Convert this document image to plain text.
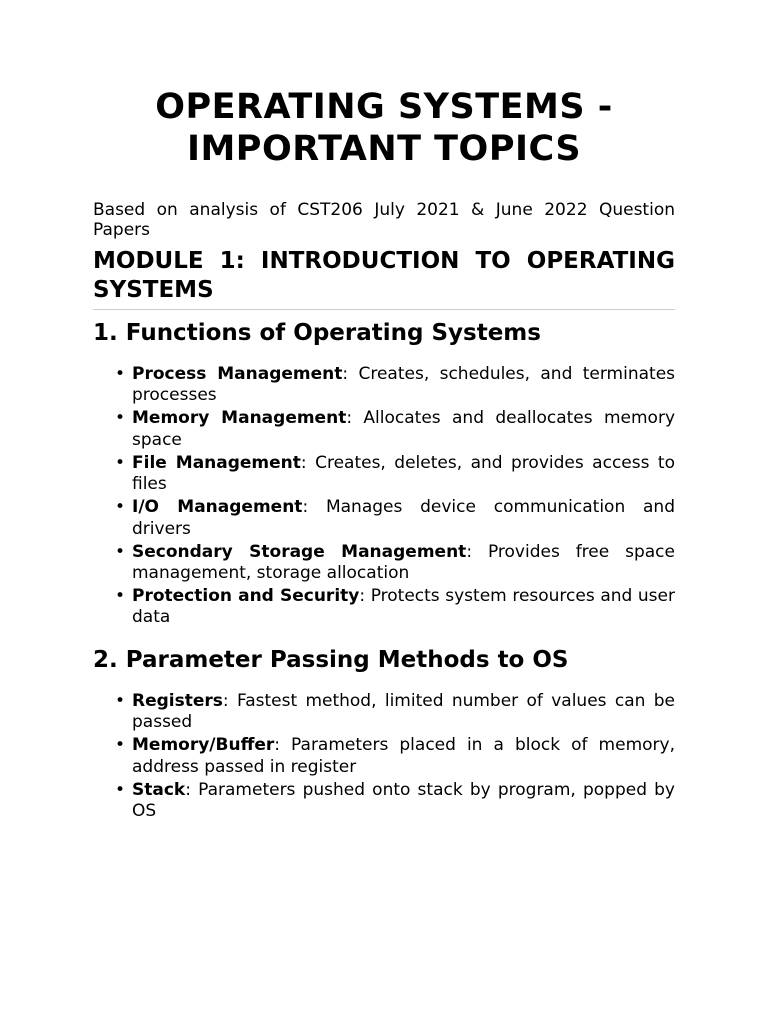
OPERATING SYSTEMS -
IMPORTANT TOPICS

Based on analysis of CST206 July 2021 & June 2022 Question Papers

MODULE 1: INTRODUCTION TO OPERATING SYSTEMS
1. Functions of Operating Systems
• Process Management: Creates, schedules, and terminates processes
• Memory Management: Allocates and deallocates memory space
• File Management: Creates, deletes, and provides access to files
• I/O Management: Manages device communication and drivers
• Secondary Storage Management: Provides free space management, storage allocation
• Protection and Security: Protects system resources and user data
2. Parameter Passing Methods to OS
• Registers: Fastest method, limited number of values can be passed
• Memory/Buffer: Parameters placed in a block of memory, address passed in register
• Stack: Parameters pushed onto stack by program, popped by OS
